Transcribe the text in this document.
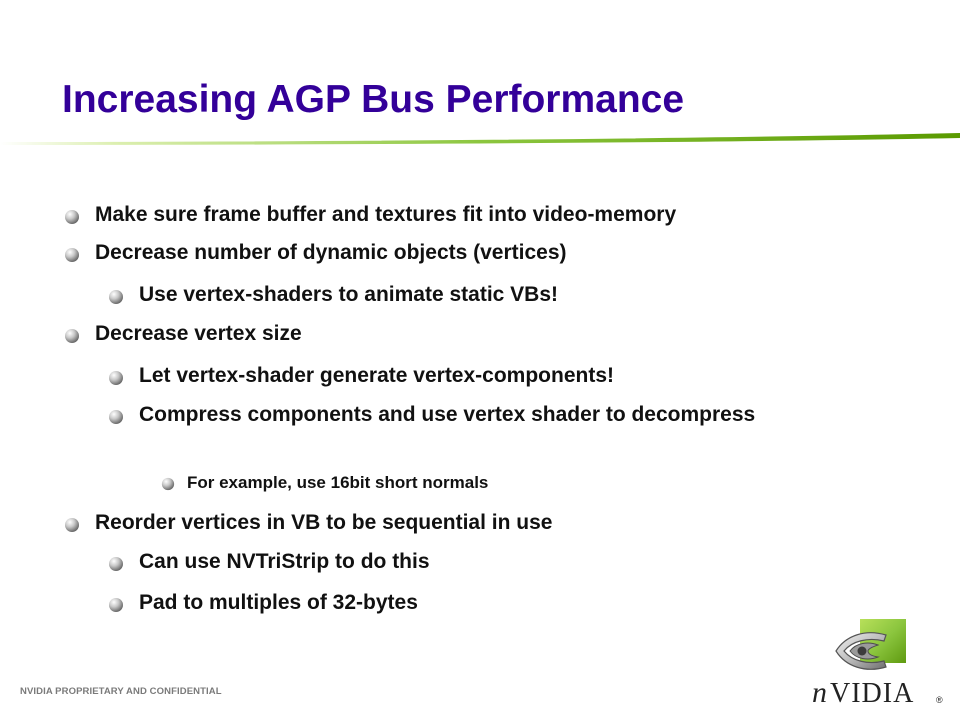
Increasing AGP Bus Performance
Make sure frame buffer and textures fit into video-memory
Decrease number of dynamic objects (vertices)
Use vertex-shaders to animate static VBs!
Decrease vertex size
Let vertex-shader generate vertex-components!
Compress components and use vertex shader to decompress
For example, use 16bit short normals
Reorder vertices in VB to be sequential in use
Can use NVTriStrip to do this
Pad to multiples of 32-bytes
NVIDIA PROPRIETARY AND CONFIDENTIAL	n VIDIA ®
